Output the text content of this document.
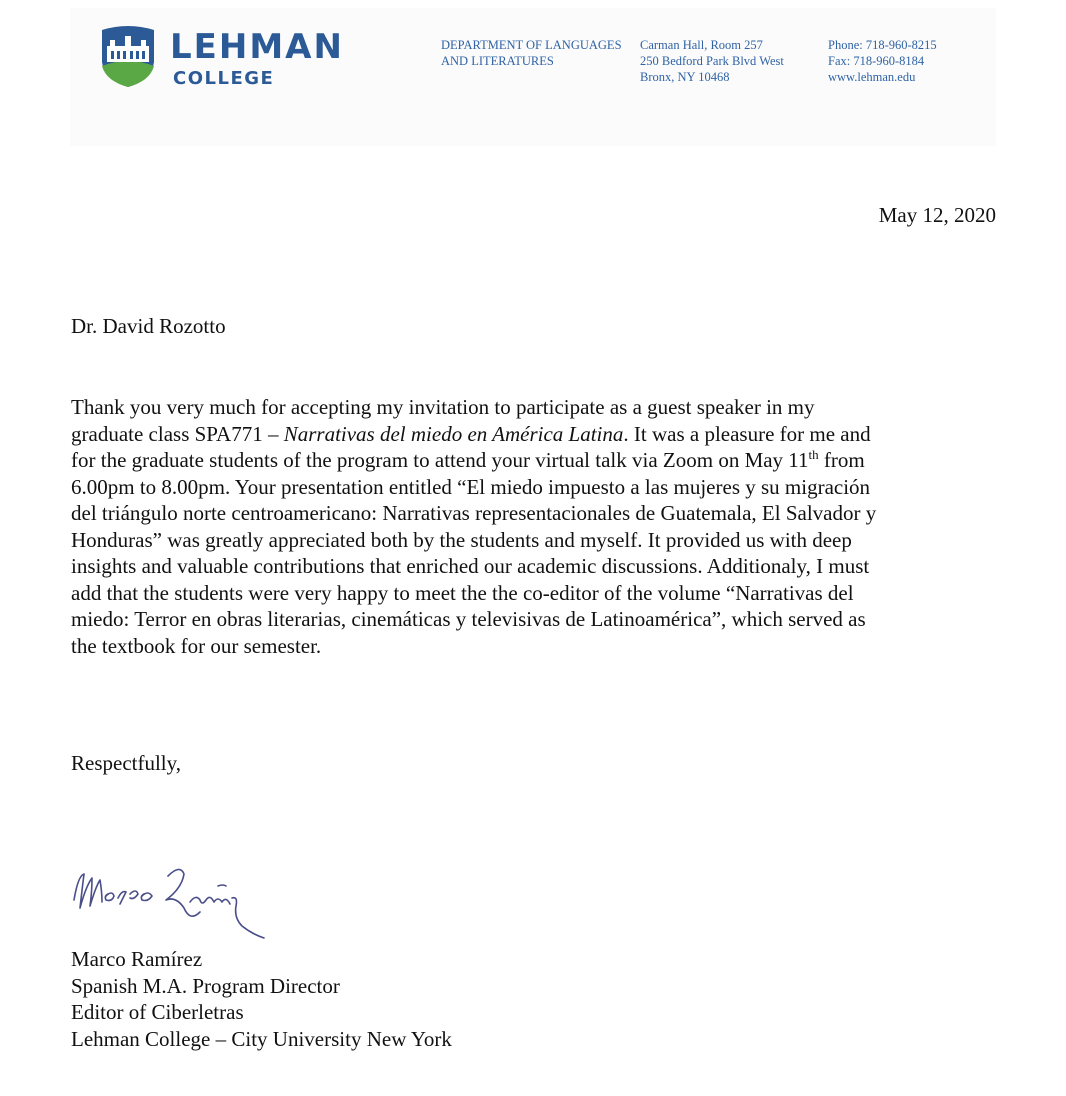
LEHMAN
COLLEGE
DEPARTMENT OF LANGUAGES
AND LITERATURES
Carman Hall, Room 257
250 Bedford Park Blvd West
Bronx, NY 10468
Phone: 718-960-8215
Fax: 718-960-8184
www.lehman.edu
May 12, 2020
Dr. David Rozotto
Thank you very much for accepting my invitation to participate as a guest speaker in my
graduate class SPA771 – Narrativas del miedo en América Latina. It was a pleasure for me and
for the graduate students of the program to attend your virtual talk via Zoom on May 11th from
6.00pm to 8.00pm. Your presentation entitled “El miedo impuesto a las mujeres y su migración
del triángulo norte centroamericano: Narrativas representacionales de Guatemala, El Salvador y
Honduras” was greatly appreciated both by the students and myself. It provided us with deep
insights and valuable contributions that enriched our academic discussions. Additionaly, I must
add that the students were very happy to meet the the co-editor of the volume “Narrativas del
miedo: Terror en obras literarias, cinemáticas y televisivas de Latinoamérica”, which served as
the textbook for our semester.
Respectfully,
Marco Ramírez
Spanish M.A. Program Director
Editor of Ciberletras
Lehman College – City University New York
